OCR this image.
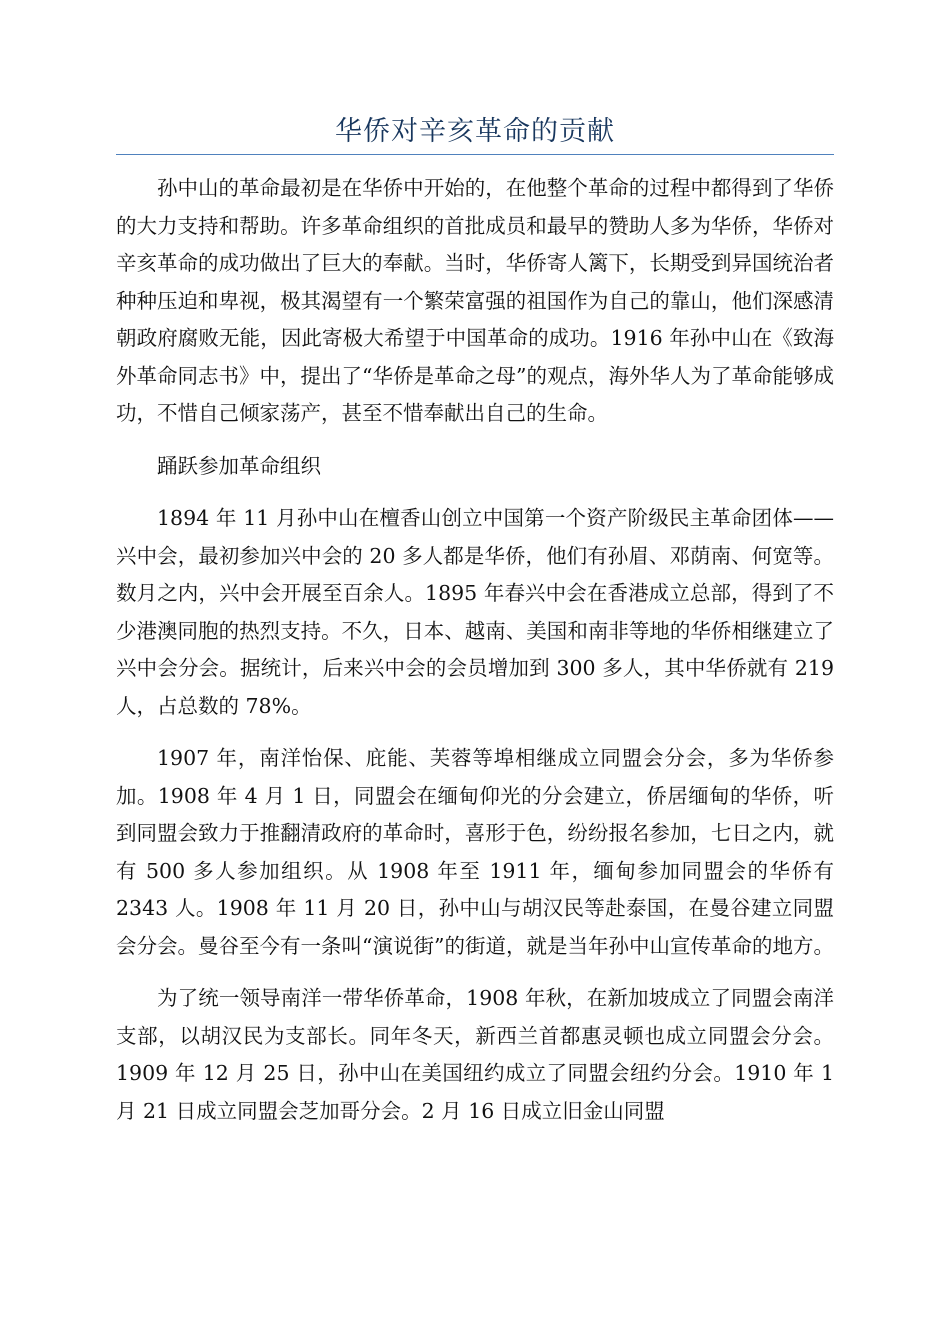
华侨对辛亥革命的贡献

孙中山的革命最初是在华侨中开始的，在他整个革命的过程中都得到了华侨的大力支持和帮助。许多革命组织的首批成员和最早的赞助人多为华侨，华侨对辛亥革命的成功做出了巨大的奉献。当时，华侨寄人篱下，长期受到异国统治者种种压迫和卑视，极其渴望有一个繁荣富强的祖国作为自己的靠山，他们深感清朝政府腐败无能，因此寄极大希望于中国革命的成功。1916 年孙中山在《致海外革命同志书》中，提出了“华侨是革命之母”的观点，海外华人为了革命能够成功，不惜自己倾家荡产，甚至不惜奉献出自己的生命。

踊跃参加革命组织

1894 年 11 月孙中山在檀香山创立中国第一个资产阶级民主革命团体——兴中会，最初参加兴中会的 20 多人都是华侨，他们有孙眉、邓荫南、何宽等。数月之内，兴中会开展至百余人。1895 年春兴中会在香港成立总部，得到了不少港澳同胞的热烈支持。不久，日本、越南、美国和南非等地的华侨相继建立了兴中会分会。据统计，后来兴中会的会员增加到 300 多人，其中华侨就有 219 人，占总数的 78%。

1907 年，南洋怡保、庇能、芙蓉等埠相继成立同盟会分会，多为华侨参加。1908 年 4 月 1 日，同盟会在缅甸仰光的分会建立，侨居缅甸的华侨，听到同盟会致力于推翻清政府的革命时，喜形于色，纷纷报名参加，七日之内，就有 500 多人参加组织。从 1908 年至 1911 年，缅甸参加同盟会的华侨有 2343 人。1908 年 11 月 20 日，孙中山与胡汉民等赴泰国，在曼谷建立同盟会分会。曼谷至今有一条叫“演说街”的街道，就是当年孙中山宣传革命的地方。

为了统一领导南洋一带华侨革命，1908 年秋，在新加坡成立了同盟会南洋支部，以胡汉民为支部长。同年冬天，新西兰首都惠灵顿也成立同盟会分会。1909 年 12 月 25 日，孙中山在美国纽约成立了同盟会纽约分会。1910 年 1 月 21 日成立同盟会芝加哥分会。2 月 16 日成立旧金山同盟
